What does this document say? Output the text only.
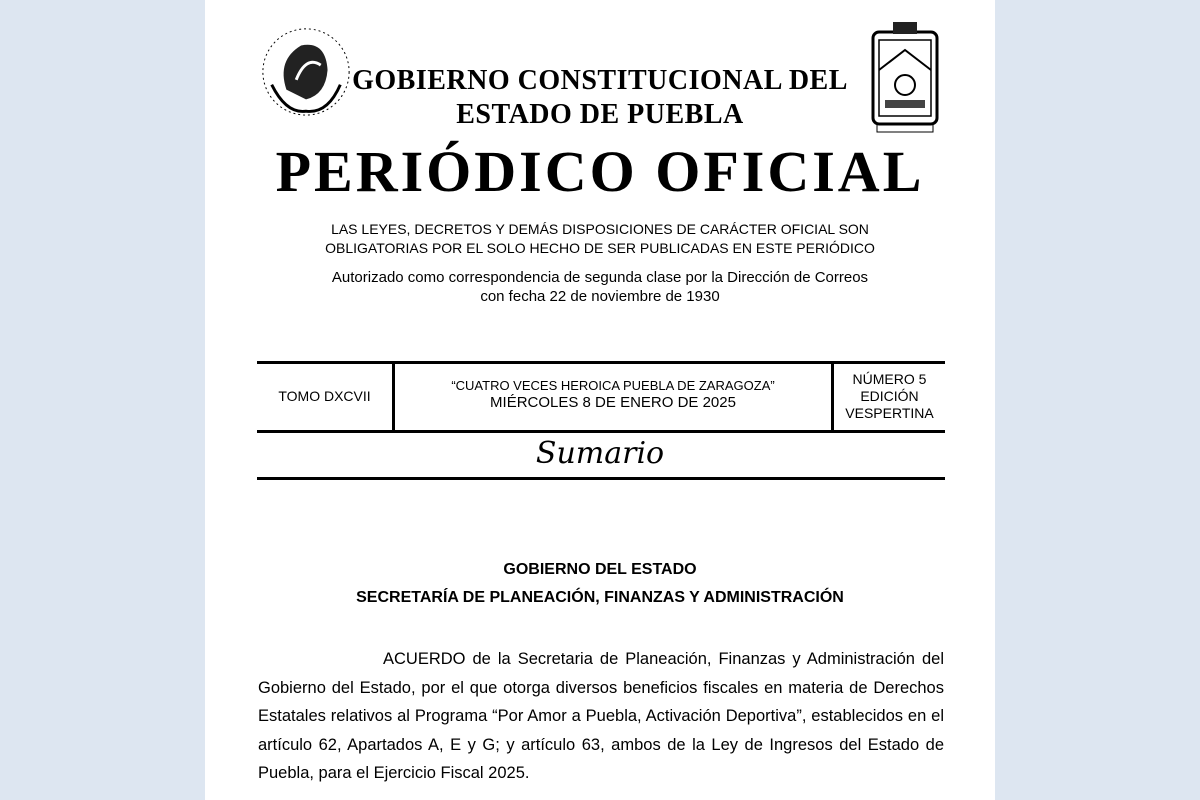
GOBIERNO CONSTITUCIONAL DEL
ESTADO DE PUEBLA
PERIÓDICO OFICIAL
LAS LEYES, DECRETOS Y DEMÁS DISPOSICIONES DE CARÁCTER OFICIAL SON
OBLIGATORIAS POR EL SOLO HECHO DE SER PUBLICADAS EN ESTE PERIÓDICO
Autorizado como correspondencia de segunda clase por la Dirección de Correos
con fecha 22 de noviembre de 1930
TOMO DXCVII
“CUATRO VECES HEROICA PUEBLA DE ZARAGOZA”
MIÉRCOLES 8 DE ENERO DE 2025
NÚMERO 5
EDICIÓN
VESPERTINA
Sumario
GOBIERNO DEL ESTADO
SECRETARÍA DE PLANEACIÓN, FINANZAS Y ADMINISTRACIÓN
ACUERDO de la Secretaria de Planeación, Finanzas y Administración del Gobierno del Estado, por el que otorga diversos beneficios fiscales en materia de Derechos Estatales relativos al Programa “Por Amor a Puebla, Activación Deportiva”, establecidos en el artículo 62, Apartados A, E y G; y artículo 63, ambos de la Ley de Ingresos del Estado de Puebla, para el Ejercicio Fiscal 2025.
